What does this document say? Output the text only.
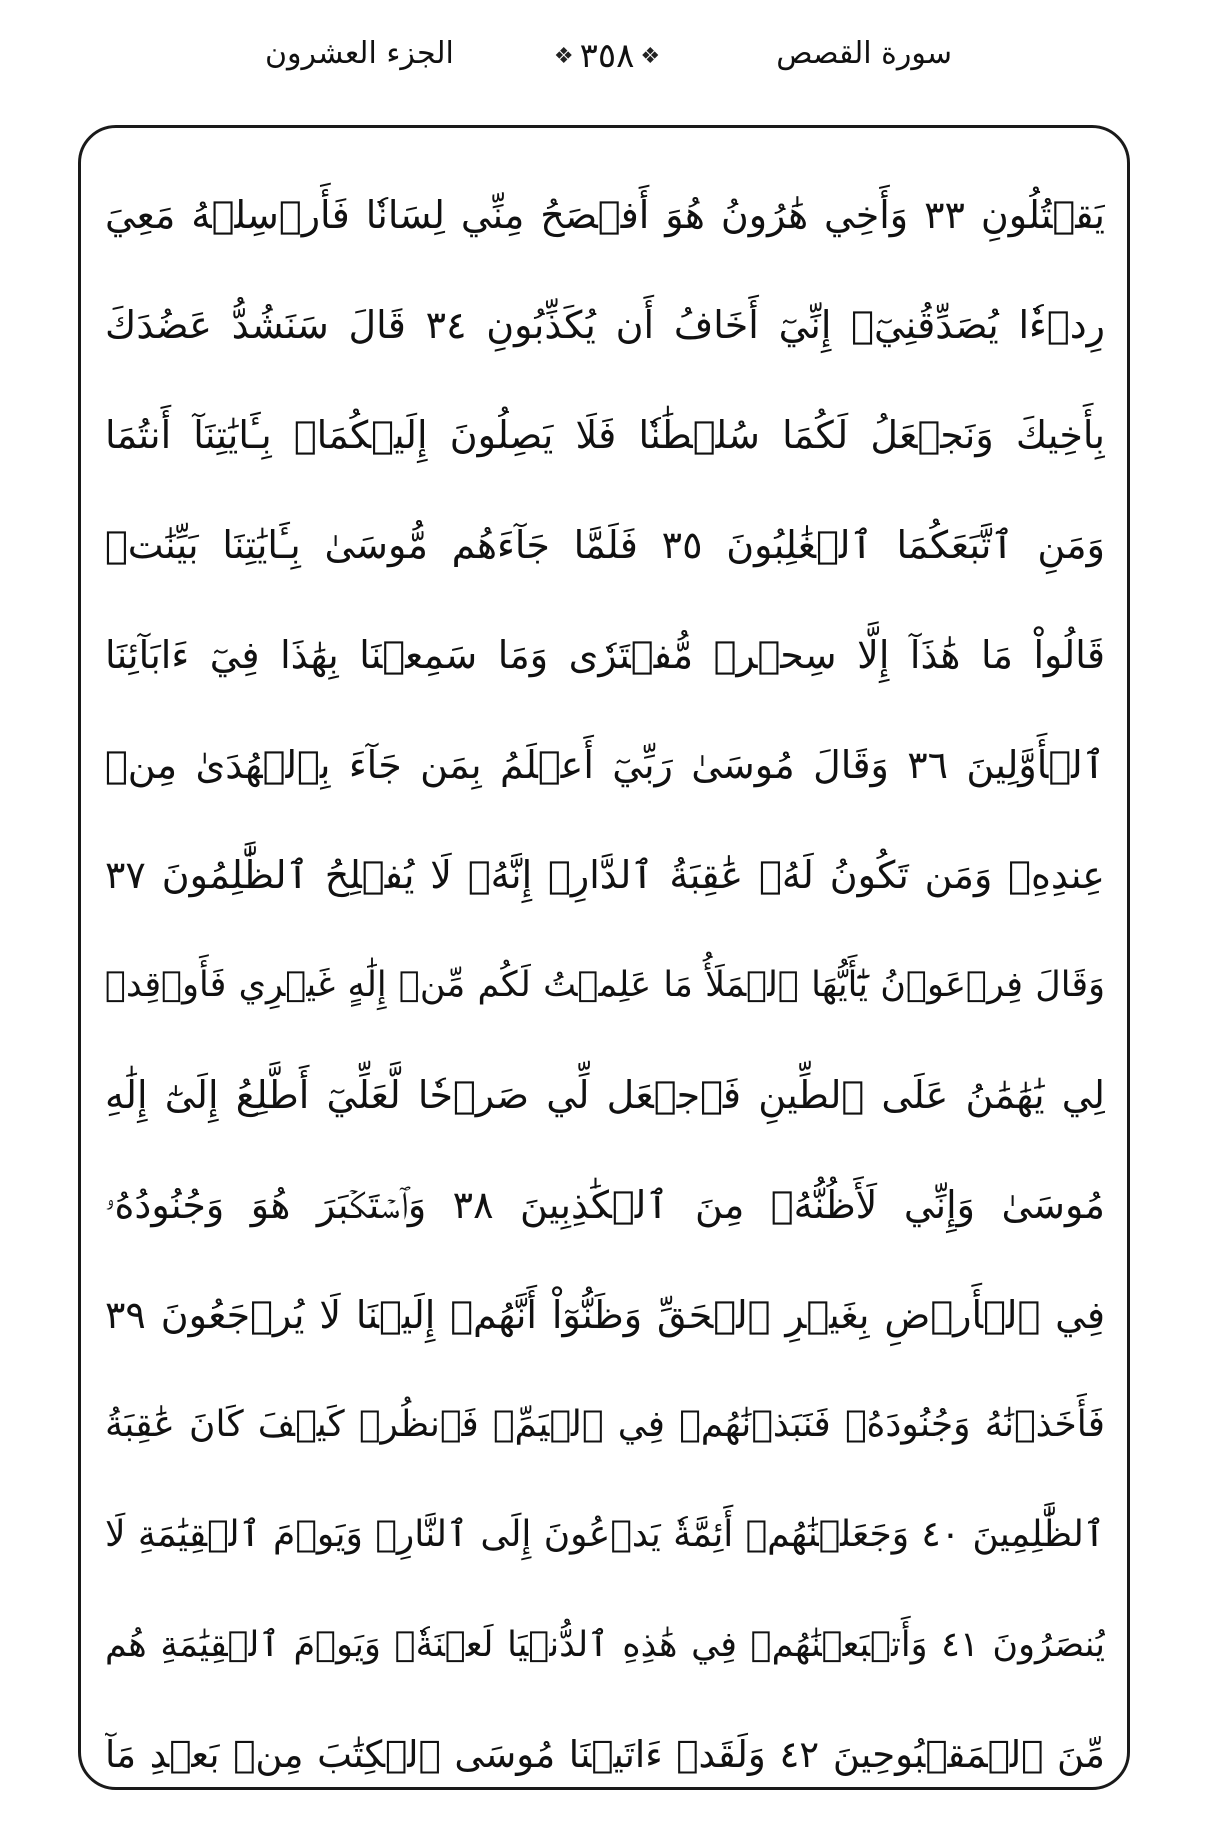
الجزء العشرون	❖ ٣٥٨ ❖	سورة القصص
يَقۡتُلُونِ ٣٣ وَأَخِي هَٰرُونُ هُوَ أَفۡصَحُ مِنِّي لِسَانٗا فَأَرۡسِلۡهُ مَعِيَ
رِدۡءٗا يُصَدِّقُنِيٓۖ إِنِّيٓ أَخَافُ أَن يُكَذِّبُونِ ٣٤ قَالَ سَنَشُدُّ عَضُدَكَ
بِأَخِيكَ وَنَجۡعَلُ لَكُمَا سُلۡطَٰنٗا فَلَا يَصِلُونَ إِلَيۡكُمَاۚ بِـَٔايَٰتِنَآ أَنتُمَا
وَمَنِ ٱتَّبَعَكُمَا ٱلۡغَٰلِبُونَ ٣٥ فَلَمَّا جَآءَهُم مُّوسَىٰ بِـَٔايَٰتِنَا بَيِّنَٰتٖ
قَالُواْ مَا هَٰذَآ إِلَّا سِحۡرٞ مُّفۡتَرٗى وَمَا سَمِعۡنَا بِهَٰذَا فِيٓ ءَابَآئِنَا
ٱلۡأَوَّلِينَ ٣٦ وَقَالَ مُوسَىٰ رَبِّيٓ أَعۡلَمُ بِمَن جَآءَ بِٱلۡهُدَىٰ مِنۡ
عِندِهِۦ وَمَن تَكُونُ لَهُۥ عَٰقِبَةُ ٱلدَّارِۖ إِنَّهُۥ لَا يُفۡلِحُ ٱلظَّٰلِمُونَ ٣٧
وَقَالَ فِرۡعَوۡنُ يَٰٓأَيُّهَا ٱلۡمَلَأُ مَا عَلِمۡتُ لَكُم مِّنۡ إِلَٰهٍ غَيۡرِي فَأَوۡقِدۡ
لِي يَٰهَٰمَٰنُ عَلَى ٱلطِّينِ فَٱجۡعَل لِّي صَرۡحٗا لَّعَلِّيٓ أَطَّلِعُ إِلَىٰٓ إِلَٰهِ
مُوسَىٰ وَإِنِّي لَأَظُنُّهُۥ مِنَ ٱلۡكَٰذِبِينَ ٣٨ وَٱسۡتَكۡبَرَ هُوَ وَجُنُودُهُۥ
فِي ٱلۡأَرۡضِ بِغَيۡرِ ٱلۡحَقِّ وَظَنُّوٓاْ أَنَّهُمۡ إِلَيۡنَا لَا يُرۡجَعُونَ ٣٩
فَأَخَذۡنَٰهُ وَجُنُودَهُۥ فَنَبَذۡنَٰهُمۡ فِي ٱلۡيَمِّۖ فَٱنظُرۡ كَيۡفَ كَانَ عَٰقِبَةُ
ٱلظَّٰلِمِينَ ٤٠ وَجَعَلۡنَٰهُمۡ أَئِمَّةٗ يَدۡعُونَ إِلَى ٱلنَّارِۖ وَيَوۡمَ ٱلۡقِيَٰمَةِ لَا
يُنصَرُونَ ٤١ وَأَتۡبَعۡنَٰهُمۡ فِي هَٰذِهِ ٱلدُّنۡيَا لَعۡنَةٗۖ وَيَوۡمَ ٱلۡقِيَٰمَةِ هُم
مِّنَ ٱلۡمَقۡبُوحِينَ ٤٢ وَلَقَدۡ ءَاتَيۡنَا مُوسَى ٱلۡكِتَٰبَ مِنۢ بَعۡدِ مَآ
